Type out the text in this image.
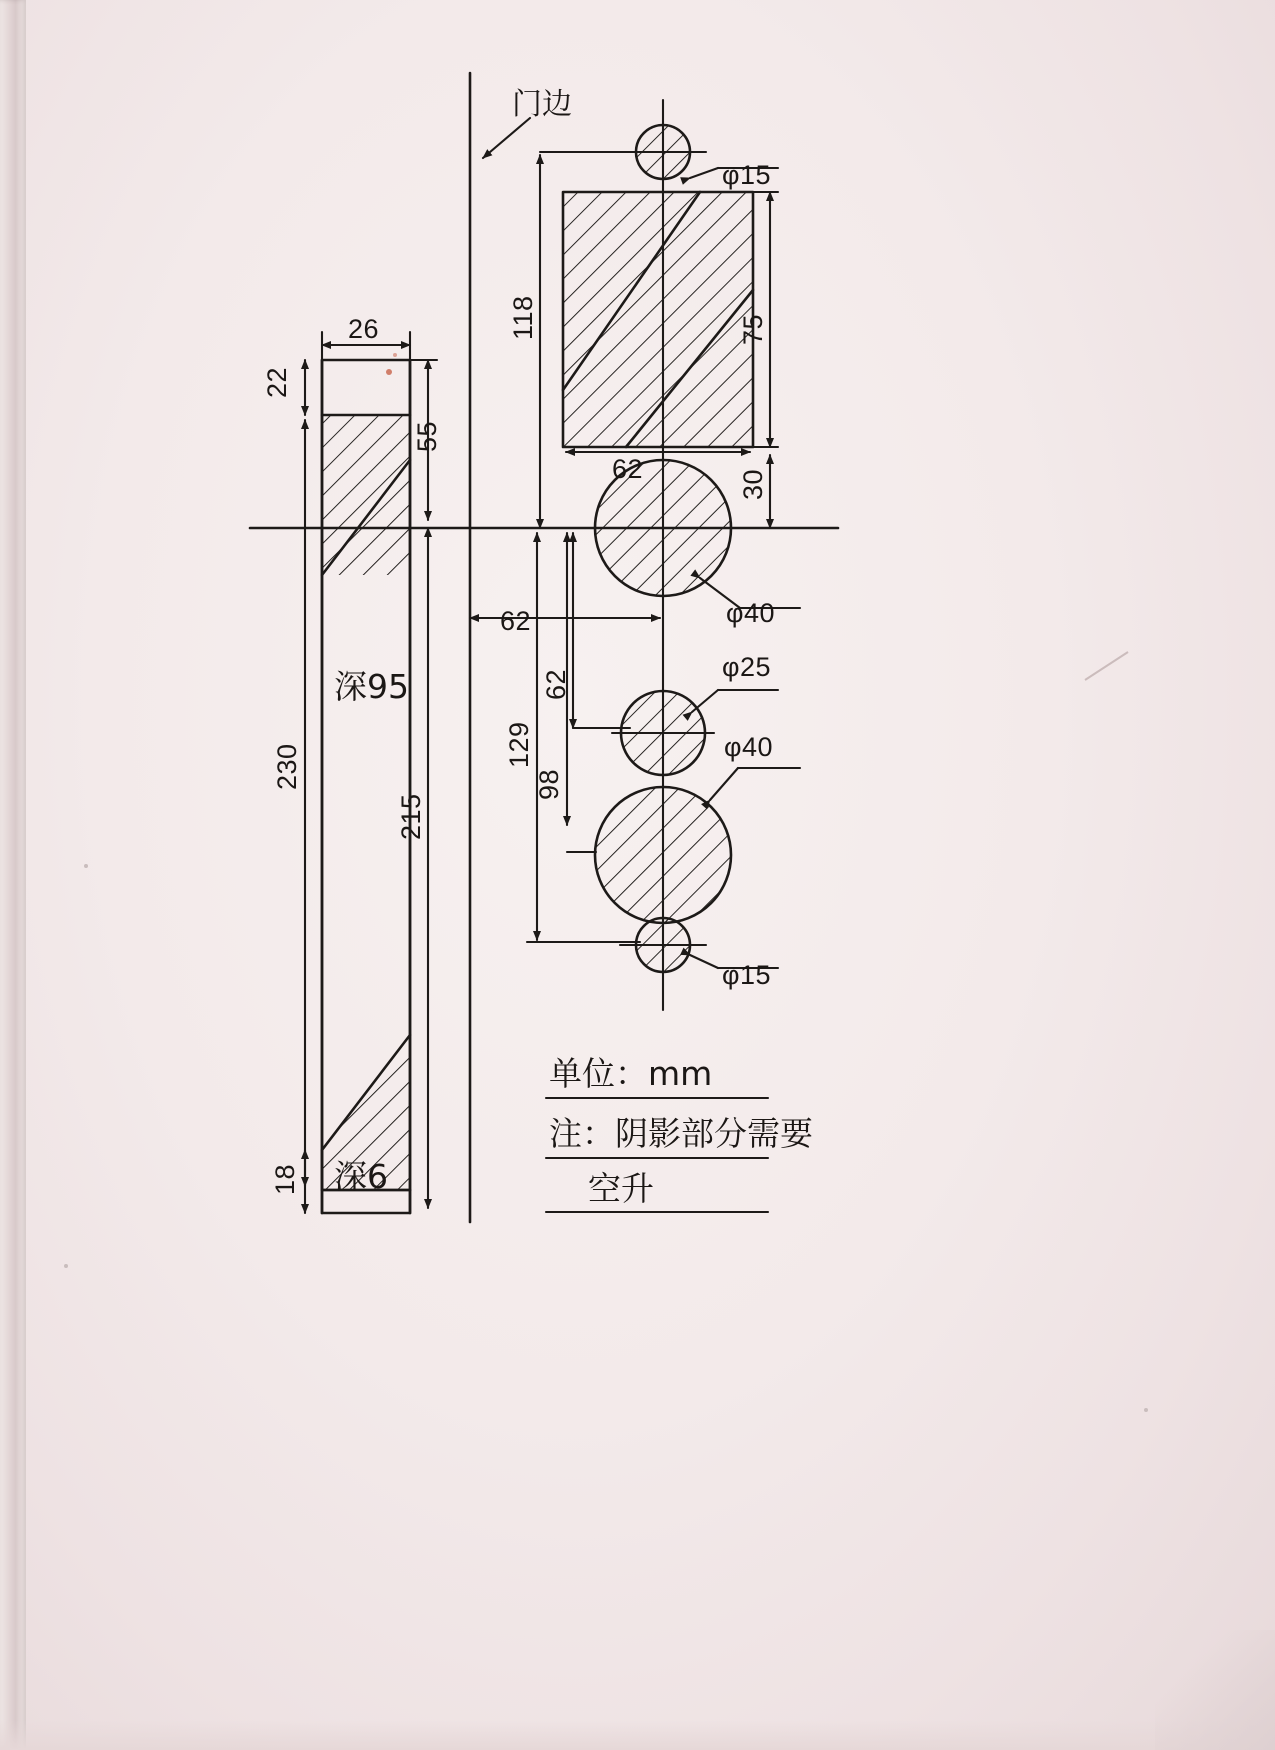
26
22
55
230
215
18
深95
深6
门边
φ15
φ40
φ25
φ40
φ15
118	75
30
62
62
62
98
129
单位：mm
注：阴影部分需要
空升
